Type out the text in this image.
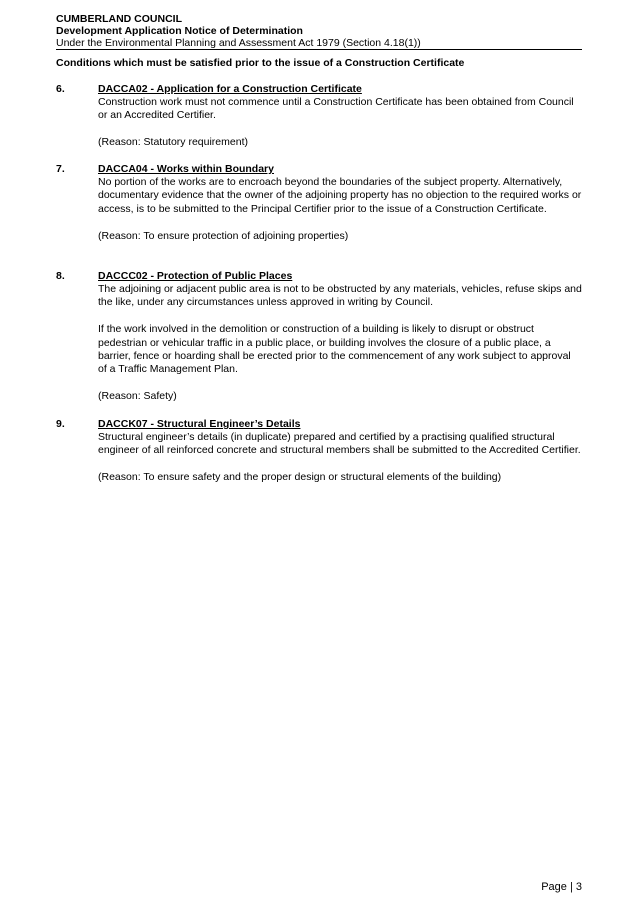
CUMBERLAND COUNCIL
Development Application Notice of Determination
Under the Environmental Planning and Assessment Act 1979 (Section 4.18(1))
Conditions which must be satisfied prior to the issue of a Construction Certificate
6.	DACCA02 - Application for a Construction Certificate

Construction work must not commence until a Construction Certificate has been obtained from Council or an Accredited Certifier.

(Reason: Statutory requirement)

7.	DACCA04 - Works within Boundary

No portion of the works are to encroach beyond the boundaries of the subject property. Alternatively, documentary evidence that the owner of the adjoining property has no objection to the required works or access, is to be submitted to the Principal Certifier prior to the issue of a Construction Certificate.

(Reason: To ensure protection of adjoining properties)

8.	DACCC02 - Protection of Public Places

The adjoining or adjacent public area is not to be obstructed by any materials, vehicles, refuse skips and the like, under any circumstances unless approved in writing by Council.

If the work involved in the demolition or construction of a building is likely to disrupt or obstruct pedestrian or vehicular traffic in a public place, or building involves the closure of a public place, a barrier, fence or hoarding shall be erected prior to the commencement of any work subject to approval of a Traffic Management Plan.

(Reason: Safety)

9.	DACCK07 - Structural Engineer’s Details

Structural engineer’s details (in duplicate) prepared and certified by a practising qualified structural engineer of all reinforced concrete and structural members shall be submitted to the Accredited Certifier.

(Reason: To ensure safety and the proper design or structural elements of the building)

Page | 3
